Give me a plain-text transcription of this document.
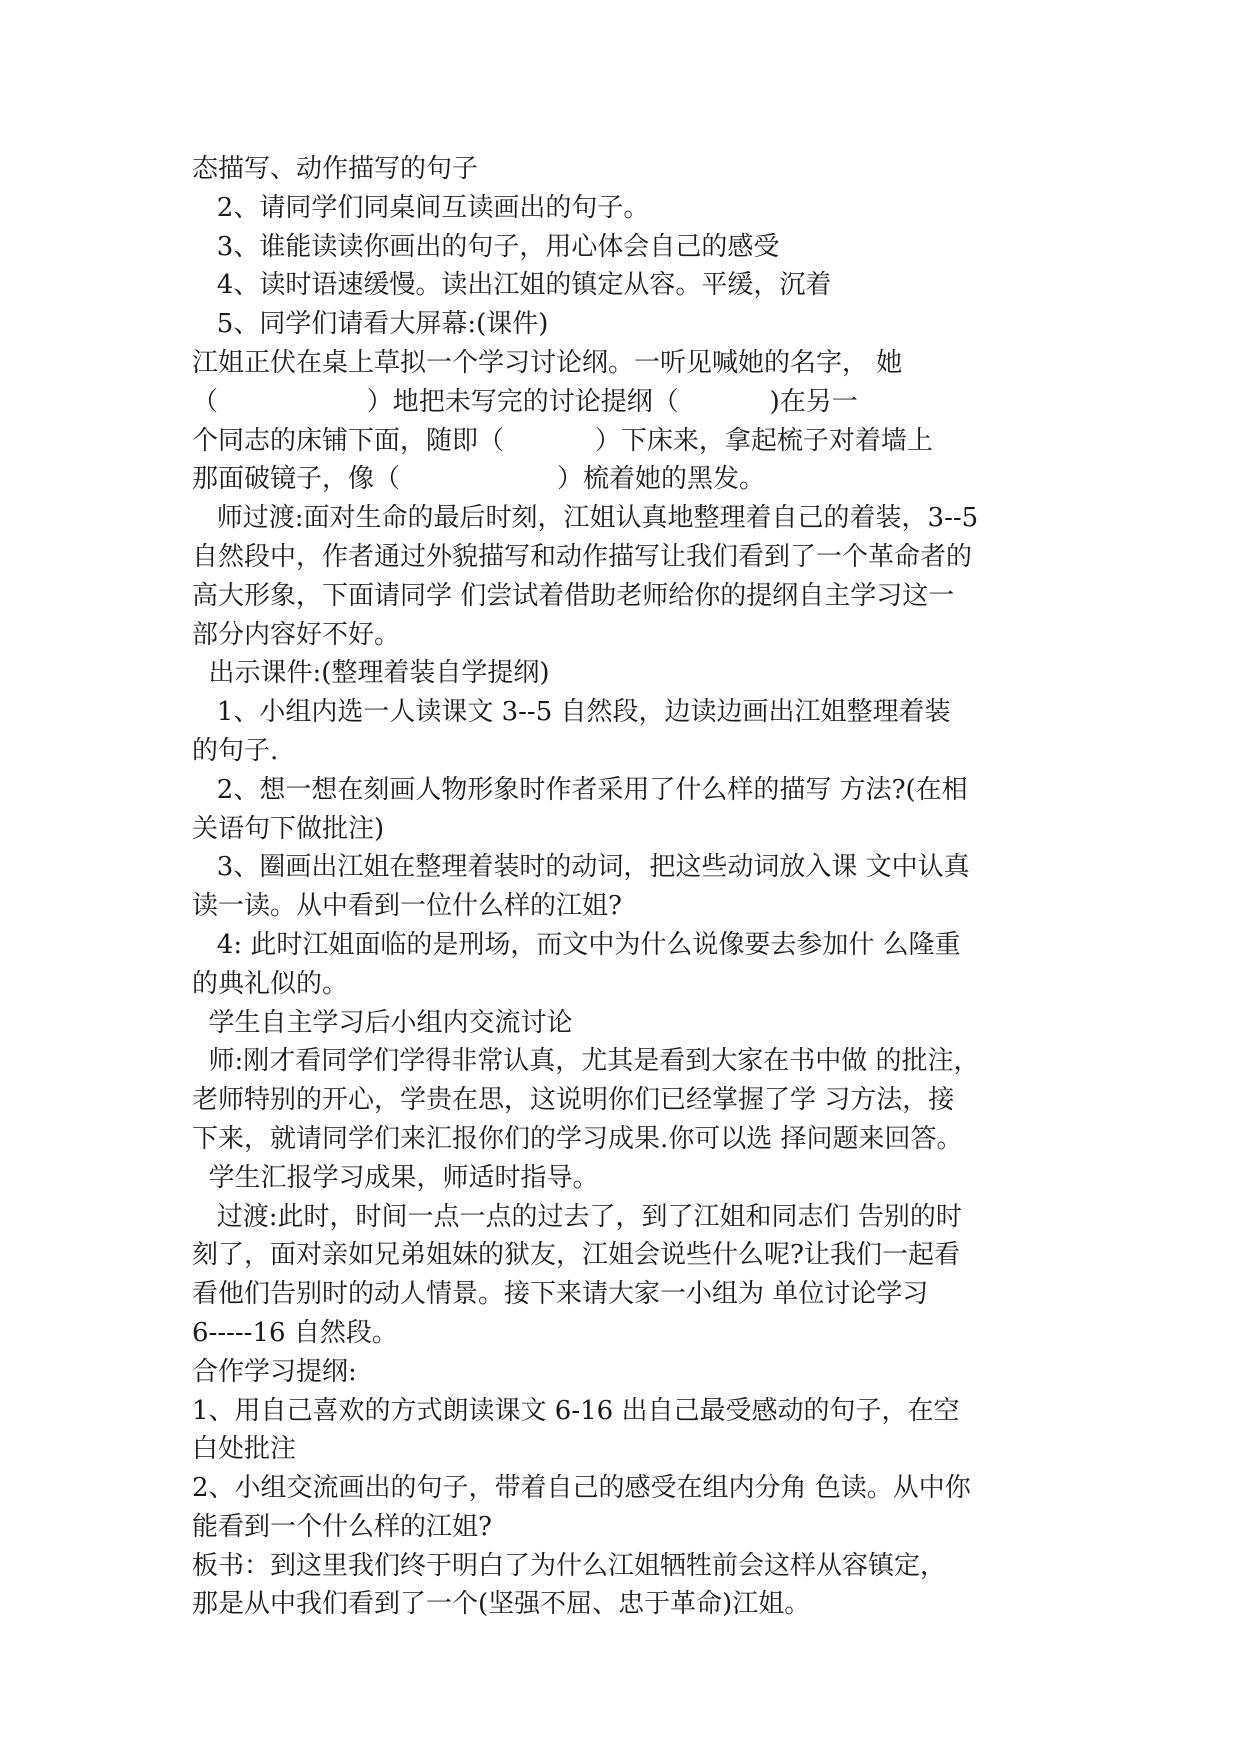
态描写、动作描写的句子
2、请同学们同桌间互读画出的句子。
3、谁能读读你画出的句子，用心体会自己的感受
4、读时语速缓慢。读出江姐的镇定从容。平缓，沉着
5、同学们请看大屏幕:(课件)
江姐正伏在桌上草拟一个学习讨论纲。一听见喊她的名字， 她
（                  ）地把未写完的讨论提纲（           )在另一
个同志的床铺下面，随即（           ）下床来，拿起梳子对着墙上
那面破镜子，像（                   ）梳着她的黑发。
师过渡:面对生命的最后时刻，江姐认真地整理着自己的着装，3--5
自然段中，作者通过外貌描写和动作描写让我们看到了一个革命者的
高大形象，下面请同学 们尝试着借助老师给你的提纲自主学习这一
部分内容好不好。
出示课件:(整理着装自学提纲)
1、小组内选一人读课文 3--5 自然段，边读边画出江姐整理着装
的句子.
2、想一想在刻画人物形象时作者采用了什么样的描写 方法?(在相
关语句下做批注)
3、圈画出江姐在整理着装时的动词，把这些动词放入课 文中认真
读一读。从中看到一位什么样的江姐?
4: 此时江姐面临的是刑场，而文中为什么说像要去参加什 么隆重
的典礼似的。
学生自主学习后小组内交流讨论
师:刚才看同学们学得非常认真，尤其是看到大家在书中做 的批注，
老师特别的开心，学贵在思，这说明你们已经掌握了学 习方法，接
下来，就请同学们来汇报你们的学习成果.你可以选 择问题来回答。
学生汇报学习成果，师适时指导。
过渡:此时，时间一点一点的过去了，到了江姐和同志们 告别的时
刻了，面对亲如兄弟姐妹的狱友，江姐会说些什么呢?让我们一起看
看他们告别时的动人情景。接下来请大家一小组为 单位讨论学习
6-----16 自然段。
合作学习提纲:
1、用自己喜欢的方式朗读课文 6-16 出自己最受感动的句子，在空
白处批注
2、小组交流画出的句子，带着自己的感受在组内分角 色读。从中你
能看到一个什么样的江姐?
板书：到这里我们终于明白了为什么江姐牺牲前会这样从容镇定，
那是从中我们看到了一个(坚强不屈、忠于革命)江姐。
